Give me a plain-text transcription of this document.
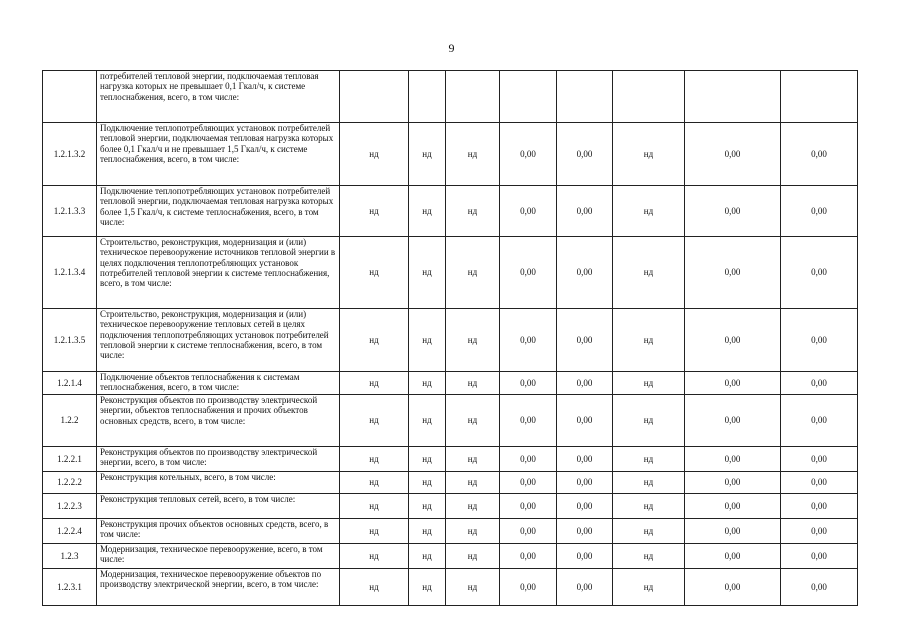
9
	потребителей тепловой энергии, подключаемая тепловая нагрузка которых не превышает 0,1 Гкал/ч, к системе теплоснабжения, всего, в том числе:								
1.2.1.3.2	Подключение теплопотребляющих установок потребителей тепловой энергии, подключаемая тепловая нагрузка которых более 0,1 Гкал/ч и не превышает 1,5 Гкал/ч, к системе теплоснабжения, всего, в том числе:	нд	нд	нд	0,00	0,00	нд	0,00	0,00
1.2.1.3.3	Подключение теплопотребляющих установок потребителей тепловой энергии, подключаемая тепловая нагрузка которых более 1,5 Гкал/ч, к системе теплоснабжения, всего, в том числе:	нд	нд	нд	0,00	0,00	нд	0,00	0,00
1.2.1.3.4	Строительство, реконструкция, модернизация и (или) техническое перевооружение источников тепловой энергии в целях подключения теплопотребляющих установок потребителей тепловой энергии к системе теплоснабжения, всего, в том числе:	нд	нд	нд	0,00	0,00	нд	0,00	0,00
1.2.1.3.5	Строительство, реконструкция, модернизация и (или) техническое перевооружение тепловых сетей в целях подключения теплопотребляющих установок потребителей тепловой энергии к системе теплоснабжения, всего, в том числе:	нд	нд	нд	0,00	0,00	нд	0,00	0,00
1.2.1.4	Подключение объектов теплоснабжения к системам теплоснабжения, всего, в том числе:	нд	нд	нд	0,00	0,00	нд	0,00	0,00
1.2.2	Реконструкция объектов по производству электрической энергии, объектов теплоснабжения и прочих объектов основных средств, всего, в том числе:	нд	нд	нд	0,00	0,00	нд	0,00	0,00
1.2.2.1	Реконструкция объектов по производству электрической энергии, всего, в том числе:	нд	нд	нд	0,00	0,00	нд	0,00	0,00
1.2.2.2	Реконструкция котельных, всего, в том числе:	нд	нд	нд	0,00	0,00	нд	0,00	0,00
1.2.2.3	Реконструкция тепловых сетей, всего, в том числе:	нд	нд	нд	0,00	0,00	нд	0,00	0,00
1.2.2.4	Реконструкция прочих объектов основных средств, всего, в том числе:	нд	нд	нд	0,00	0,00	нд	0,00	0,00
1.2.3	Модернизация, техническое перевооружение, всего, в том числе:	нд	нд	нд	0,00	0,00	нд	0,00	0,00
1.2.3.1	Модернизация, техническое перевооружение объектов по производству электрической энергии, всего, в том числе:	нд	нд	нд	0,00	0,00	нд	0,00	0,00
